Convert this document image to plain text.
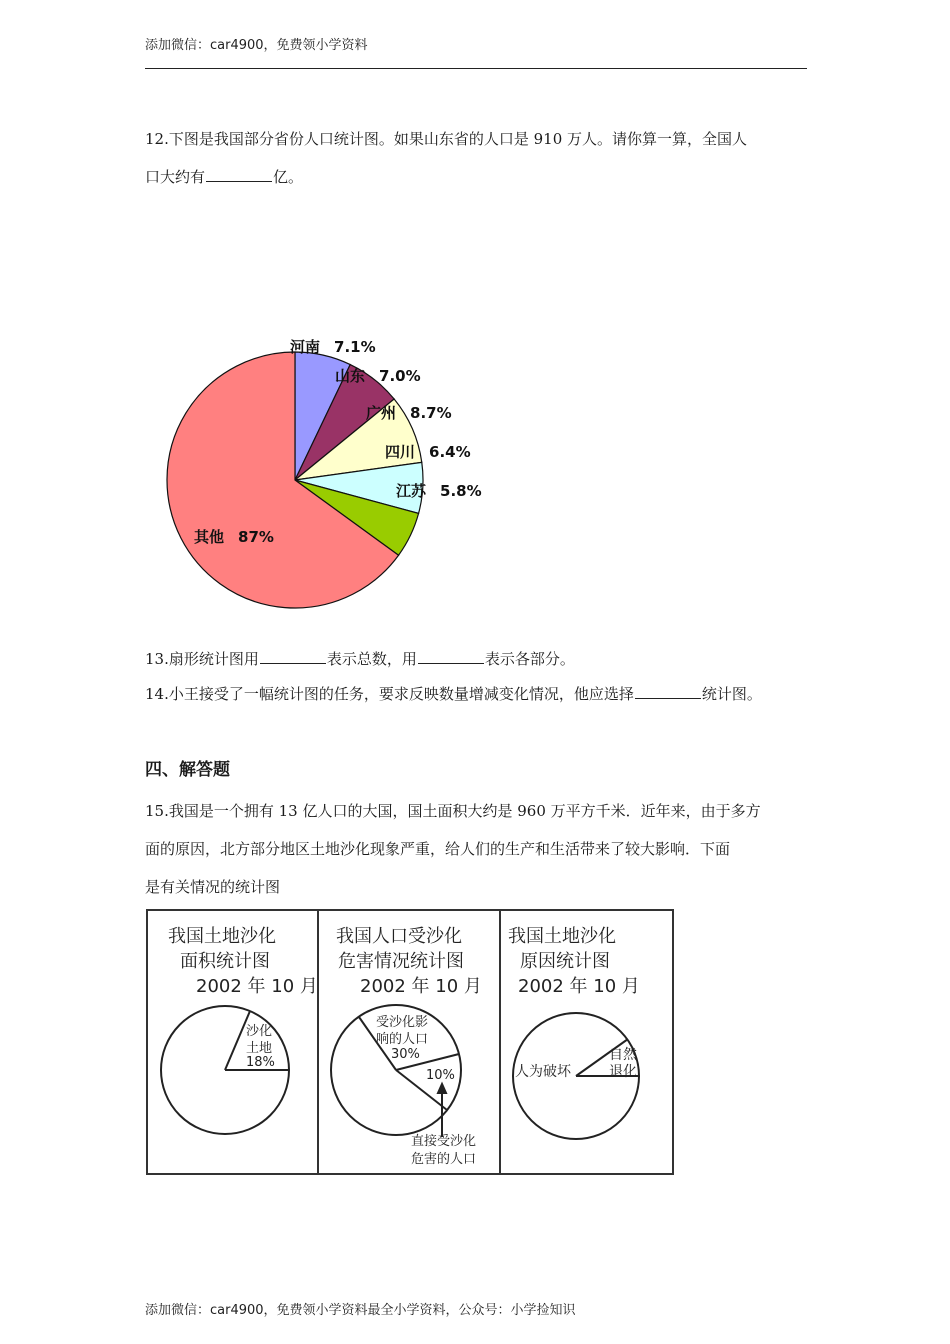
添加微信：car4900，免费领小学资料
12.下图是我国部分省份人口统计图。如果山东省的人口是 910 万人。请你算一算，全国人
口大约有	亿。
河南 7.1%
山东 7.0%
广州 8.7%
四川 6.4%
江苏 5.8%
其他 87%
13.扇形统计图用	表示总数，用	表示各部分。
14.小王接受了一幅统计图的任务，要求反映数量增减变化情况，他应选择	统计图。
四、解答题
15.我国是一个拥有 13 亿人口的大国，国土面积大约是 960 万平方千米．近年来，由于多方
面的原因，北方部分地区土地沙化现象严重，给人们的生产和生活带来了较大影响．下面
是有关情况的统计图
我国土地沙化
面积统计图
2002 年 10 月
沙化
土地
18%
我国人口受沙化
危害情况统计图
2002 年 10 月
受沙化影
响的人口
30%
10%
直接受沙化
危害的人口
我国土地沙化
原因统计图
2002 年 10 月
人为破坏
自然
退化
添加微信：car4900，免费领小学资料最全小学资料，公众号：小学捡知识
